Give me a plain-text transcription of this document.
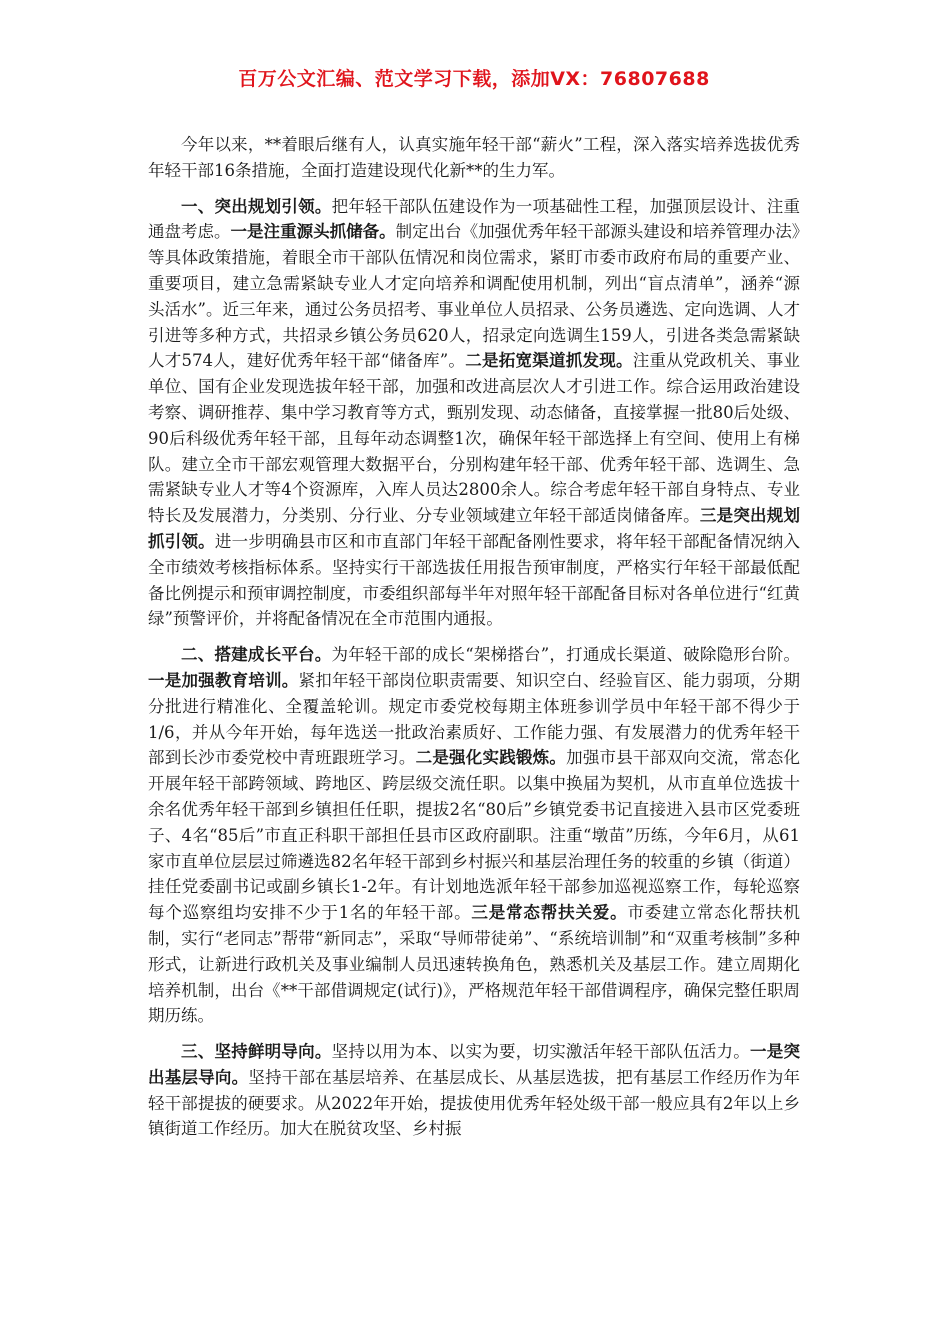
百万公文汇编、范文学习下载，添加VX：76807688

今年以来，**着眼后继有人，认真实施年轻干部“薪火”工程，深入落实培养选拔优秀年轻干部16条措施，全面打造建设现代化新**的生力军。

一、突出规划引领。把年轻干部队伍建设作为一项基础性工程，加强顶层设计、注重通盘考虑。一是注重源头抓储备。制定出台《加强优秀年轻干部源头建设和培养管理办法》等具体政策措施，着眼全市干部队伍情况和岗位需求，紧盯市委市政府布局的重要产业、重要项目，建立急需紧缺专业人才定向培养和调配使用机制，列出“盲点清单”，涵养“源头活水”。近三年来，通过公务员招考、事业单位人员招录、公务员遴选、定向选调、人才引进等多种方式，共招录乡镇公务员620人，招录定向选调生159人，引进各类急需紧缺人才574人，建好优秀年轻干部“储备库”。二是拓宽渠道抓发现。注重从党政机关、事业单位、国有企业发现选拔年轻干部，加强和改进高层次人才引进工作。综合运用政治建设考察、调研推荐、集中学习教育等方式，甄别发现、动态储备，直接掌握一批80后处级、90后科级优秀年轻干部，且每年动态调整1次，确保年轻干部选择上有空间、使用上有梯队。建立全市干部宏观管理大数据平台，分别构建年轻干部、优秀年轻干部、选调生、急需紧缺专业人才等4个资源库，入库人员达2800余人。综合考虑年轻干部自身特点、专业特长及发展潜力，分类别、分行业、分专业领域建立年轻干部适岗储备库。三是突出规划抓引领。进一步明确县市区和市直部门年轻干部配备刚性要求，将年轻干部配备情况纳入全市绩效考核指标体系。坚持实行干部选拔任用报告预审制度，严格实行年轻干部最低配备比例提示和预审调控制度，市委组织部每半年对照年轻干部配备目标对各单位进行“红黄绿”预警评价，并将配备情况在全市范围内通报。

二、搭建成长平台。为年轻干部的成长“架梯搭台”，打通成长渠道、破除隐形台阶。一是加强教育培训。紧扣年轻干部岗位职责需要、知识空白、经验盲区、能力弱项，分期分批进行精准化、全覆盖轮训。规定市委党校每期主体班参训学员中年轻干部不得少于1/6，并从今年开始，每年选送一批政治素质好、工作能力强、有发展潜力的优秀年轻干部到长沙市委党校中青班跟班学习。二是强化实践锻炼。加强市县干部双向交流，常态化开展年轻干部跨领域、跨地区、跨层级交流任职。以集中换届为契机，从市直单位选拔十余名优秀年轻干部到乡镇担任任职，提拔2名“80后”乡镇党委书记直接进入县市区党委班子、4名“85后”市直正科职干部担任县市区政府副职。注重“墩苗”历练，今年6月，从61家市直单位层层过筛遴选82名年轻干部到乡村振兴和基层治理任务的较重的乡镇（街道）挂任党委副书记或副乡镇长1-2年。有计划地选派年轻干部参加巡视巡察工作，每轮巡察每个巡察组均安排不少于1名的年轻干部。三是常态帮扶关爱。市委建立常态化帮扶机制，实行“老同志”帮带“新同志”，采取“导师带徒弟”、“系统培训制”和“双重考核制”多种形式，让新进行政机关及事业编制人员迅速转换角色，熟悉机关及基层工作。建立周期化培养机制，出台《**干部借调规定(试行)》，严格规范年轻干部借调程序，确保完整任职周期历练。

三、坚持鲜明导向。坚持以用为本、以实为要，切实激活年轻干部队伍活力。一是突出基层导向。坚持干部在基层培养、在基层成长、从基层选拔，把有基层工作经历作为年轻干部提拔的硬要求。从2022年开始，提拔使用优秀年轻处级干部一般应具有2年以上乡镇街道工作经历。加大在脱贫攻坚、乡村振
